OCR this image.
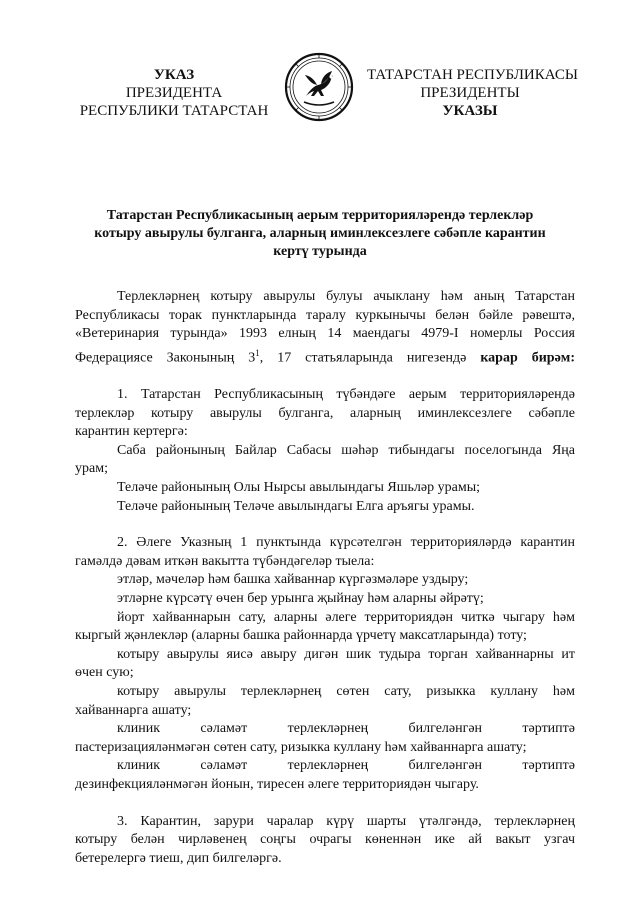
УКАЗ
ПРЕЗИДЕНТА
РЕСПУБЛИКИ ТАТАРСТАН
ТАТАРСТАН РЕСПУБЛИКАСЫ
ПРЕЗИДЕНТЫ
УКАЗЫ
Татарстан Республикасының аерым территорияләрендә терлекләр
котыру авырулы булганга, аларның иминлексезлеге сәбәпле карантин
кертү турында

Терлекләрнең котыру авырулы булуы ачыклану һәм аның Татарстан

Республикасы торак пунктларында таралу куркынычы белән бәйле рәвештә,

«Ветеринария турында» 1993 елның 14 маендагы 4979-I номерлы Россия

Федерациясе Законының $3^1$, 17 статьяларында нигезендә карар бирәм:

1. Татарстан Республикасының түбәндәге аерым территорияләрендә

терлекләр котыру авырулы булганга, аларның иминлексезлеге сәбәпле

карантин кертергә:

Саба районының Байлар Сабасы шәһәр тибындагы поселогында Яңа

урам;

Теләче районының Олы Нырсы авылындагы Яшьләр урамы;

Теләче районының Теләче авылындагы Елга аръягы урамы.

2. Әлеге Указның 1 пунктында күрсәтелгән территорияләрдә карантин

гамәлдә дәвам иткән вакытта түбәндәгеләр тыела:

этләр, мәчеләр һәм башка хайваннар күргәзмәләре уздыру;

этләрне күрсәтү өчен бер урынга җыйнау һәм аларны әйрәтү;

йорт хайваннарын сату, аларны әлеге территориядән читкә чыгару һәм

кыргый җәнлекләр (аларны башка районнарда үрчетү максатларында) тоту;

котыру авырулы яисә авыру дигән шик тудыра торган хайваннарны ит

өчен сую;

котыру авырулы терлекләрнең сөтен сату, ризыкка куллану һәм

хайваннарга ашату;

клиник сәламәт терлекләрнең билгеләнгән тәртиптә

пастеризацияләнмәгән сөтен сату, ризыкка куллану һәм хайваннарга ашату;

клиник сәламәт терлекләрнең билгеләнгән тәртиптә

дезинфекцияләнмәгән йонын, тиресен әлеге территориядән чыгару.

3. Карантин, зарури чаралар күрү шарты үтәлгәндә, терлекләрнең

котыру белән чирләвенең соңгы очрагы көненнән ике ай вакыт узгач

бетерелергә тиеш, дип билгеләргә.
